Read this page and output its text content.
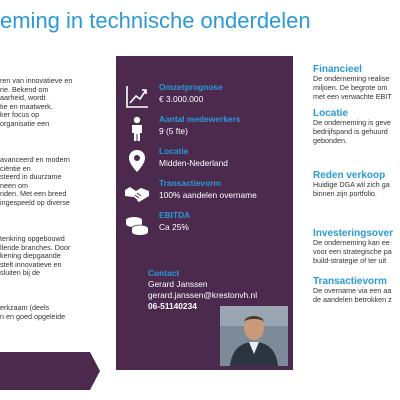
eming in technische onderdelen
ren van innovatieve en
rie. Bekend om
aarheid, wordt
tie en maatwerk.
ker focus op
organisatie een
avanceerd en modern
ciëntie en
steerd in duurzame
neen om
nden. Met een breed
ingespeeld op diverse
tenkring opgebouwd
llende branches. Door
kening diepgaande
stelt innovatieve en
sluiten bij de
erkzaam (deels
n en goed opgeleide
Omzetprognose
€ 3.000.000
Aantal medewerkers
9 (5 fte)
Locatie
Midden-Nederland
Transactievorm
100% aandelen overname
EBITDA
Ca 25%
Contact
Gerard Janssen
gerard.janssen@krestonvh.nl
06-51140234
Financieel
De onderneming realise
miljoen. De begrote om
met een verwachte EBIT
Locatie
De onderneming is geve
bedrijfspand is gehuurd
gebonden.
Reden verkoop
Huidige DGA wil zich ga
binnen zijn portfolio.
Investeringsover
De onderneming kan ee
voor een strategische pa
build-strategie of ter uit
Transactievorm
De overname via een aa
de aandelen betrokken z
